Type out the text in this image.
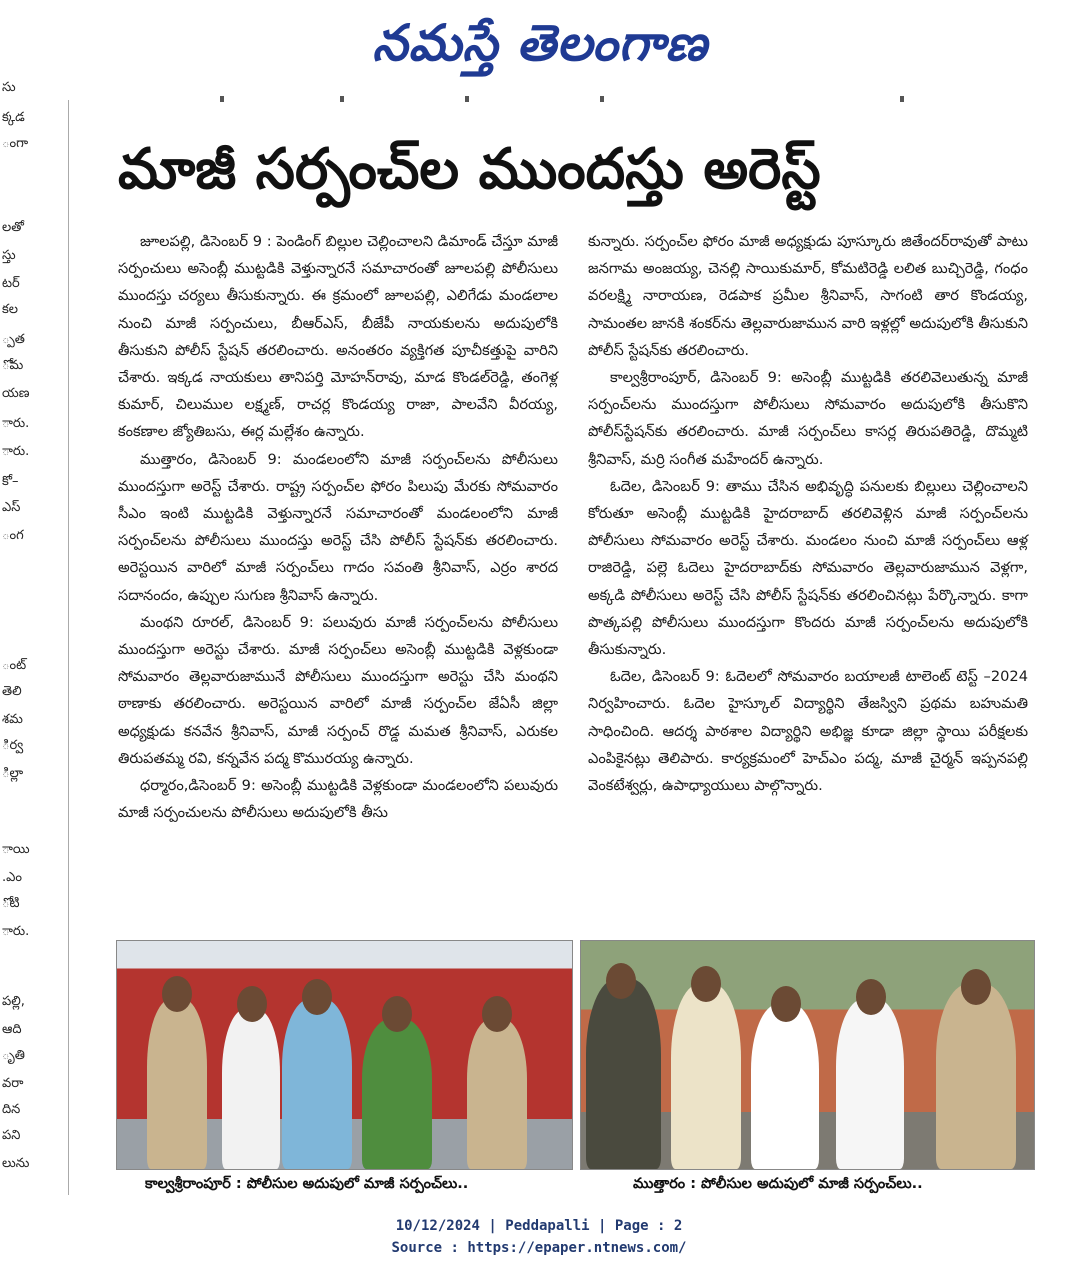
నమస్తే తెలంగాణ
సు
క్కడ
ంగా
లతో
స్తు
టర్
కల
్పత
ోమ
యణ
ారు.
ారు.
కో–
ఎస్
ంగ
ంట్
తెలి
శమ
ిర్వ
ిల్లా
ాయి
.ఎం
ోటి
ారు.
పల్లి,
ఆది
ృతి
వరా
దిన
పని
లును
మాజీ సర్పంచ్‌ల ముందస్తు అరెస్ట్‌

జూలపల్లి, డిసెంబర్‌ 9 : పెండింగ్‌ బిల్లుల చెల్లించాలని డిమాండ్‌ చేస్తూ మాజీ సర్పంచులు అసెంబ్లీ ముట్టడికి వెళ్తున్నారనే సమాచారంతో జూలపల్లి పోలీసులు ముందస్తు చర్యలు తీసుకున్నారు. ఈ క్రమంలో జూలపల్లి, ఎలిగేడు మండలాల నుంచి మాజీ సర్పంచులు, బీఆర్‌ఎస్‌, బీజేపీ నాయకులను అదుపులోకి తీసుకుని పోలీస్‌ స్టేషన్‌ తరలించారు. అనంతరం వ్యక్తిగత పూచీకత్తుపై వారిని చేశారు. ఇక్కడ నాయకులు తానిపర్తి మోహన్‌రావు, మాడ కొండల్‌రెడ్డి, తంగెళ్ల కుమార్‌, చిలుముల లక్ష్మణ్‌, రాచర్ల కొండయ్య రాజా, పాలవేని వీరయ్య, కంకణాల జ్యోతిబసు, ఈర్ల మల్లేశం ఉన్నారు.

ముత్తారం, డిసెంబర్‌ 9: మండలంలోని మాజీ సర్పంచ్‌లను పోలీసులు ముందస్తుగా అరెస్ట్‌ చేశారు. రాష్ట్ర సర్పంచ్‌ల ఫోరం పిలుపు మేరకు సోమవారం సీఎం ఇంటి ముట్టడికి వెళ్తున్నారనే సమాచారంతో మండలంలోని మాజీ సర్పంచ్‌లను పోలీసులు ముందస్తు అరెస్ట్‌ చేసి పోలీస్‌ స్టేషన్‌కు తరలించారు. అరెస్టయిన వారిలో మాజీ సర్పంచ్‌లు గాదం సవంతి శ్రీనివాస్‌, ఎర్రం శారద సదానందం, ఉప్పుల సుగుణ శ్రీనివాస్‌ ఉన్నారు.

మంథని రూరల్‌, డిసెంబర్‌ 9: పలువురు మాజీ సర్పంచ్‌లను పోలీసులు ముందస్తుగా అరెస్టు చేశారు. మాజీ సర్పంచ్‌లు అసెంబ్లీ ముట్టడికి వెళ్లకుండా సోమవారం తెల్లవారుజామునే పోలీసులు ముందస్తుగా అరెస్టు చేసి మంథని ఠాణాకు తరలించారు. అరెస్టయిన వారిలో మాజీ సర్పంచ్‌ల జేఏసీ జిల్లా అధ్యక్షుడు కనవేన శ్రీనివాస్‌, మాజీ సర్పంచ్‌ రొడ్డ మమత శ్రీనివాస్‌, ఎరుకల తిరుపతమ్మ రవి, కన్నవేన పద్మ కొమురయ్య ఉన్నారు.

ధర్మారం,డిసెంబర్‌ 9: అసెంబ్లీ ముట్టడికి వెళ్లకుండా మండలంలోని పలువురు మాజీ సర్పంచులను పోలీసులు అదుపులోకి తీసు

కున్నారు. సర్పంచ్‌ల ఫోరం మాజీ అధ్యక్షుడు పూస్కూరు జితేందర్‌రావుతో పాటు జనగామ అంజయ్య, చెనల్లి సాయికుమార్‌, కోమటిరెడ్డి లలిత బుచ్చిరెడ్డి, గంధం వరలక్ష్మి నారాయణ, రెడపాక ప్రమీల శ్రీనివాస్‌, సాగంటి తార కొండయ్య, సామంతల జానకి శంకర్‌ను తెల్లవారుజామున వారి ఇళ్లల్లో అదుపులోకి తీసుకుని పోలీస్‌ స్టేషన్‌కు తరలించారు.

కాల్వశ్రీరాంపూర్‌, డిసెంబర్‌ 9: అసెంబ్లీ ముట్టడికి తరలివెలుతున్న మాజీ సర్పంచ్‌లను ముందస్తుగా పోలీసులు సోమవారం అదుపులోకి తీసుకొని పోలీస్‌స్టేషన్‌కు తరలించారు. మాజీ సర్పంచ్‌లు కాసర్ల తిరుపతిరెడ్డి, దొమ్మటి శ్రీనివాస్‌, మర్రి సంగీత మహేందర్‌ ఉన్నారు.

ఓదెల, డిసెంబర్‌ 9: తాము చేసిన అభివృద్ధి పనులకు బిల్లులు చెల్లించాలని కోరుతూ అసెంబ్లీ ముట్టడికి హైదరాబాద్‌ తరలివెళ్లిన మాజీ సర్పంచ్‌లను పోలీసులు సోమవారం అరెస్ట్‌ చేశారు. మండలం నుంచి మాజీ సర్పంచ్‌లు ఆళ్ల రాజిరెడ్డి, పల్లె ఓదెలు హైదరాబాద్‌కు సోమవారం తెల్లవారుజామున వెళ్లగా, అక్కడి పోలీసులు అరెస్ట్‌ చేసి పోలీస్‌ స్టేషన్‌కు తరలించినట్లు పేర్కొన్నారు. కాగా పొత్కపల్లి పోలీసులు ముందస్తుగా కొందరు మాజీ సర్పంచ్‌లను అదుపులోకి తీసుకున్నారు.

ఓదెల, డిసెంబర్‌ 9: ఓదెలలో సోమవారం బయాలజీ టాలెంట్‌ టెస్ట్‌ –2024 నిర్వహించారు. ఓదెల హైస్కూల్‌ విద్యార్థిని తేజస్విని ప్రథమ బహుమతి సాధించింది. ఆదర్శ పాఠశాల విద్యార్థిని అభిజ్ఞ కూడా జిల్లా స్థాయి పరీక్షలకు ఎంపికైనట్లు తెలిపారు. కార్యక్రమంలో హెచ్‌ఎం పద్మ, మాజీ చైర్మన్‌ ఇప్పనపల్లి వెంకటేశ్వర్లు, ఉపాధ్యాయులు పాల్గొన్నారు.

కాల్వశ్రీరాంపూర్‌ : పోలీసుల అదుపులో మాజీ సర్పంచ్‌లు..	ముత్తారం : పోలీసుల అదుపులో మాజీ సర్పంచ్‌లు..
10/12/2024 | Peddapalli | Page : 2
Source : https://epaper.ntnews.com/
